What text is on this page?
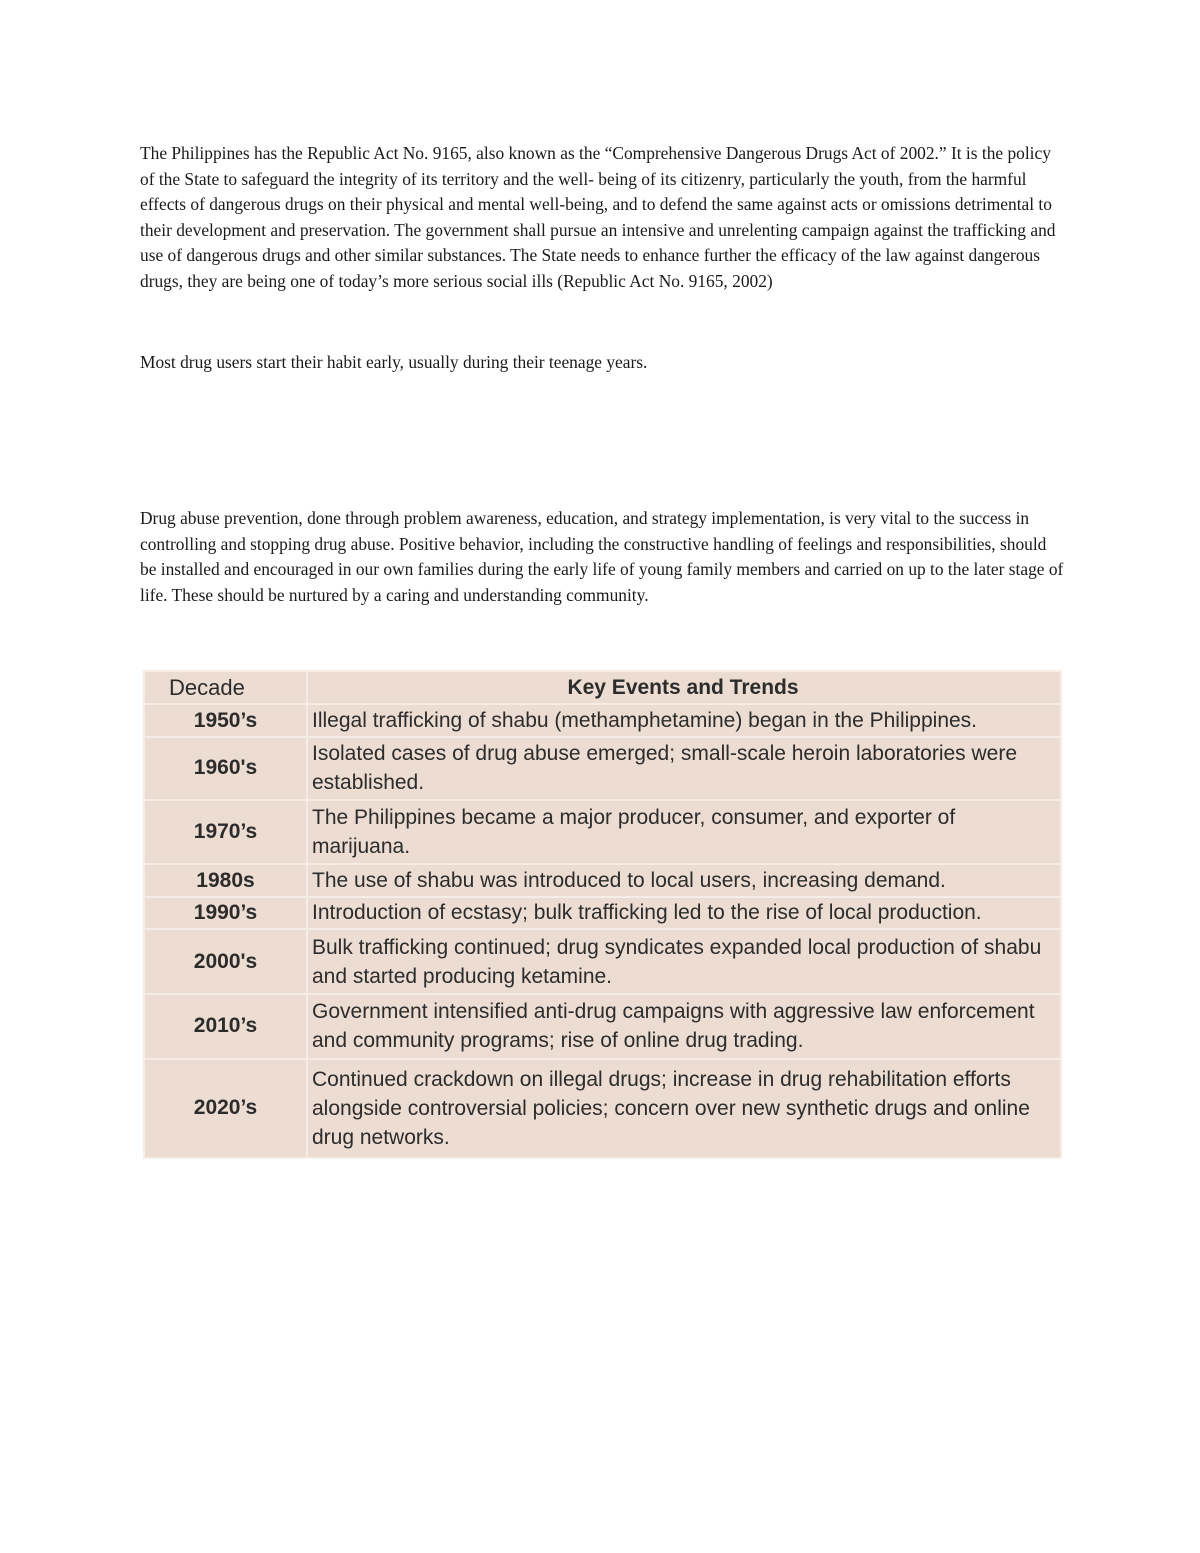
The Philippines has the Republic Act No. 9165, also known as the “Comprehensive Dangerous Drugs Act of 2002.” It is the policy of the State to safeguard the integrity of its territory and the well- being of its citizenry, particularly the youth, from the harmful effects of dangerous drugs on their physical and mental well-being, and to defend the same against acts or omissions detrimental to their development and preservation. The government shall pursue an intensive and unrelenting campaign against the trafficking and use of dangerous drugs and other similar substances. The State needs to enhance further the efficacy of the law against dangerous drugs, they are being one of today’s more serious social ills (Republic Act No. 9165, 2002)

Most drug users start their habit early, usually during their teenage years.

Drug abuse prevention, done through problem awareness, education, and strategy implementation, is very vital to the success in controlling and stopping drug abuse. Positive behavior, including the constructive handling of feelings and responsibilities, should be installed and encouraged in our own families during the early life of young family members and carried on up to the later stage of life. These should be nurtured by a caring and understanding community.

Decade	Key Events and Trends
1950’s	Illegal trafficking of shabu (methamphetamine) began in the Philippines.
1960's	Isolated cases of drug abuse emerged; small-scale heroin laboratories were established.
1970’s	The Philippines became a major producer, consumer, and exporter of marijuana.
1980s	The use of shabu was introduced to local users, increasing demand.
1990’s	Introduction of ecstasy; bulk trafficking led to the rise of local production.
2000's	Bulk trafficking continued; drug syndicates expanded local production of shabu and started producing ketamine.
2010’s	Government intensified anti-drug campaigns with aggressive law enforcement and community programs; rise of online drug trading.
2020’s	Continued crackdown on illegal drugs; increase in drug rehabilitation efforts alongside controversial policies; concern over new synthetic drugs and online drug networks.
